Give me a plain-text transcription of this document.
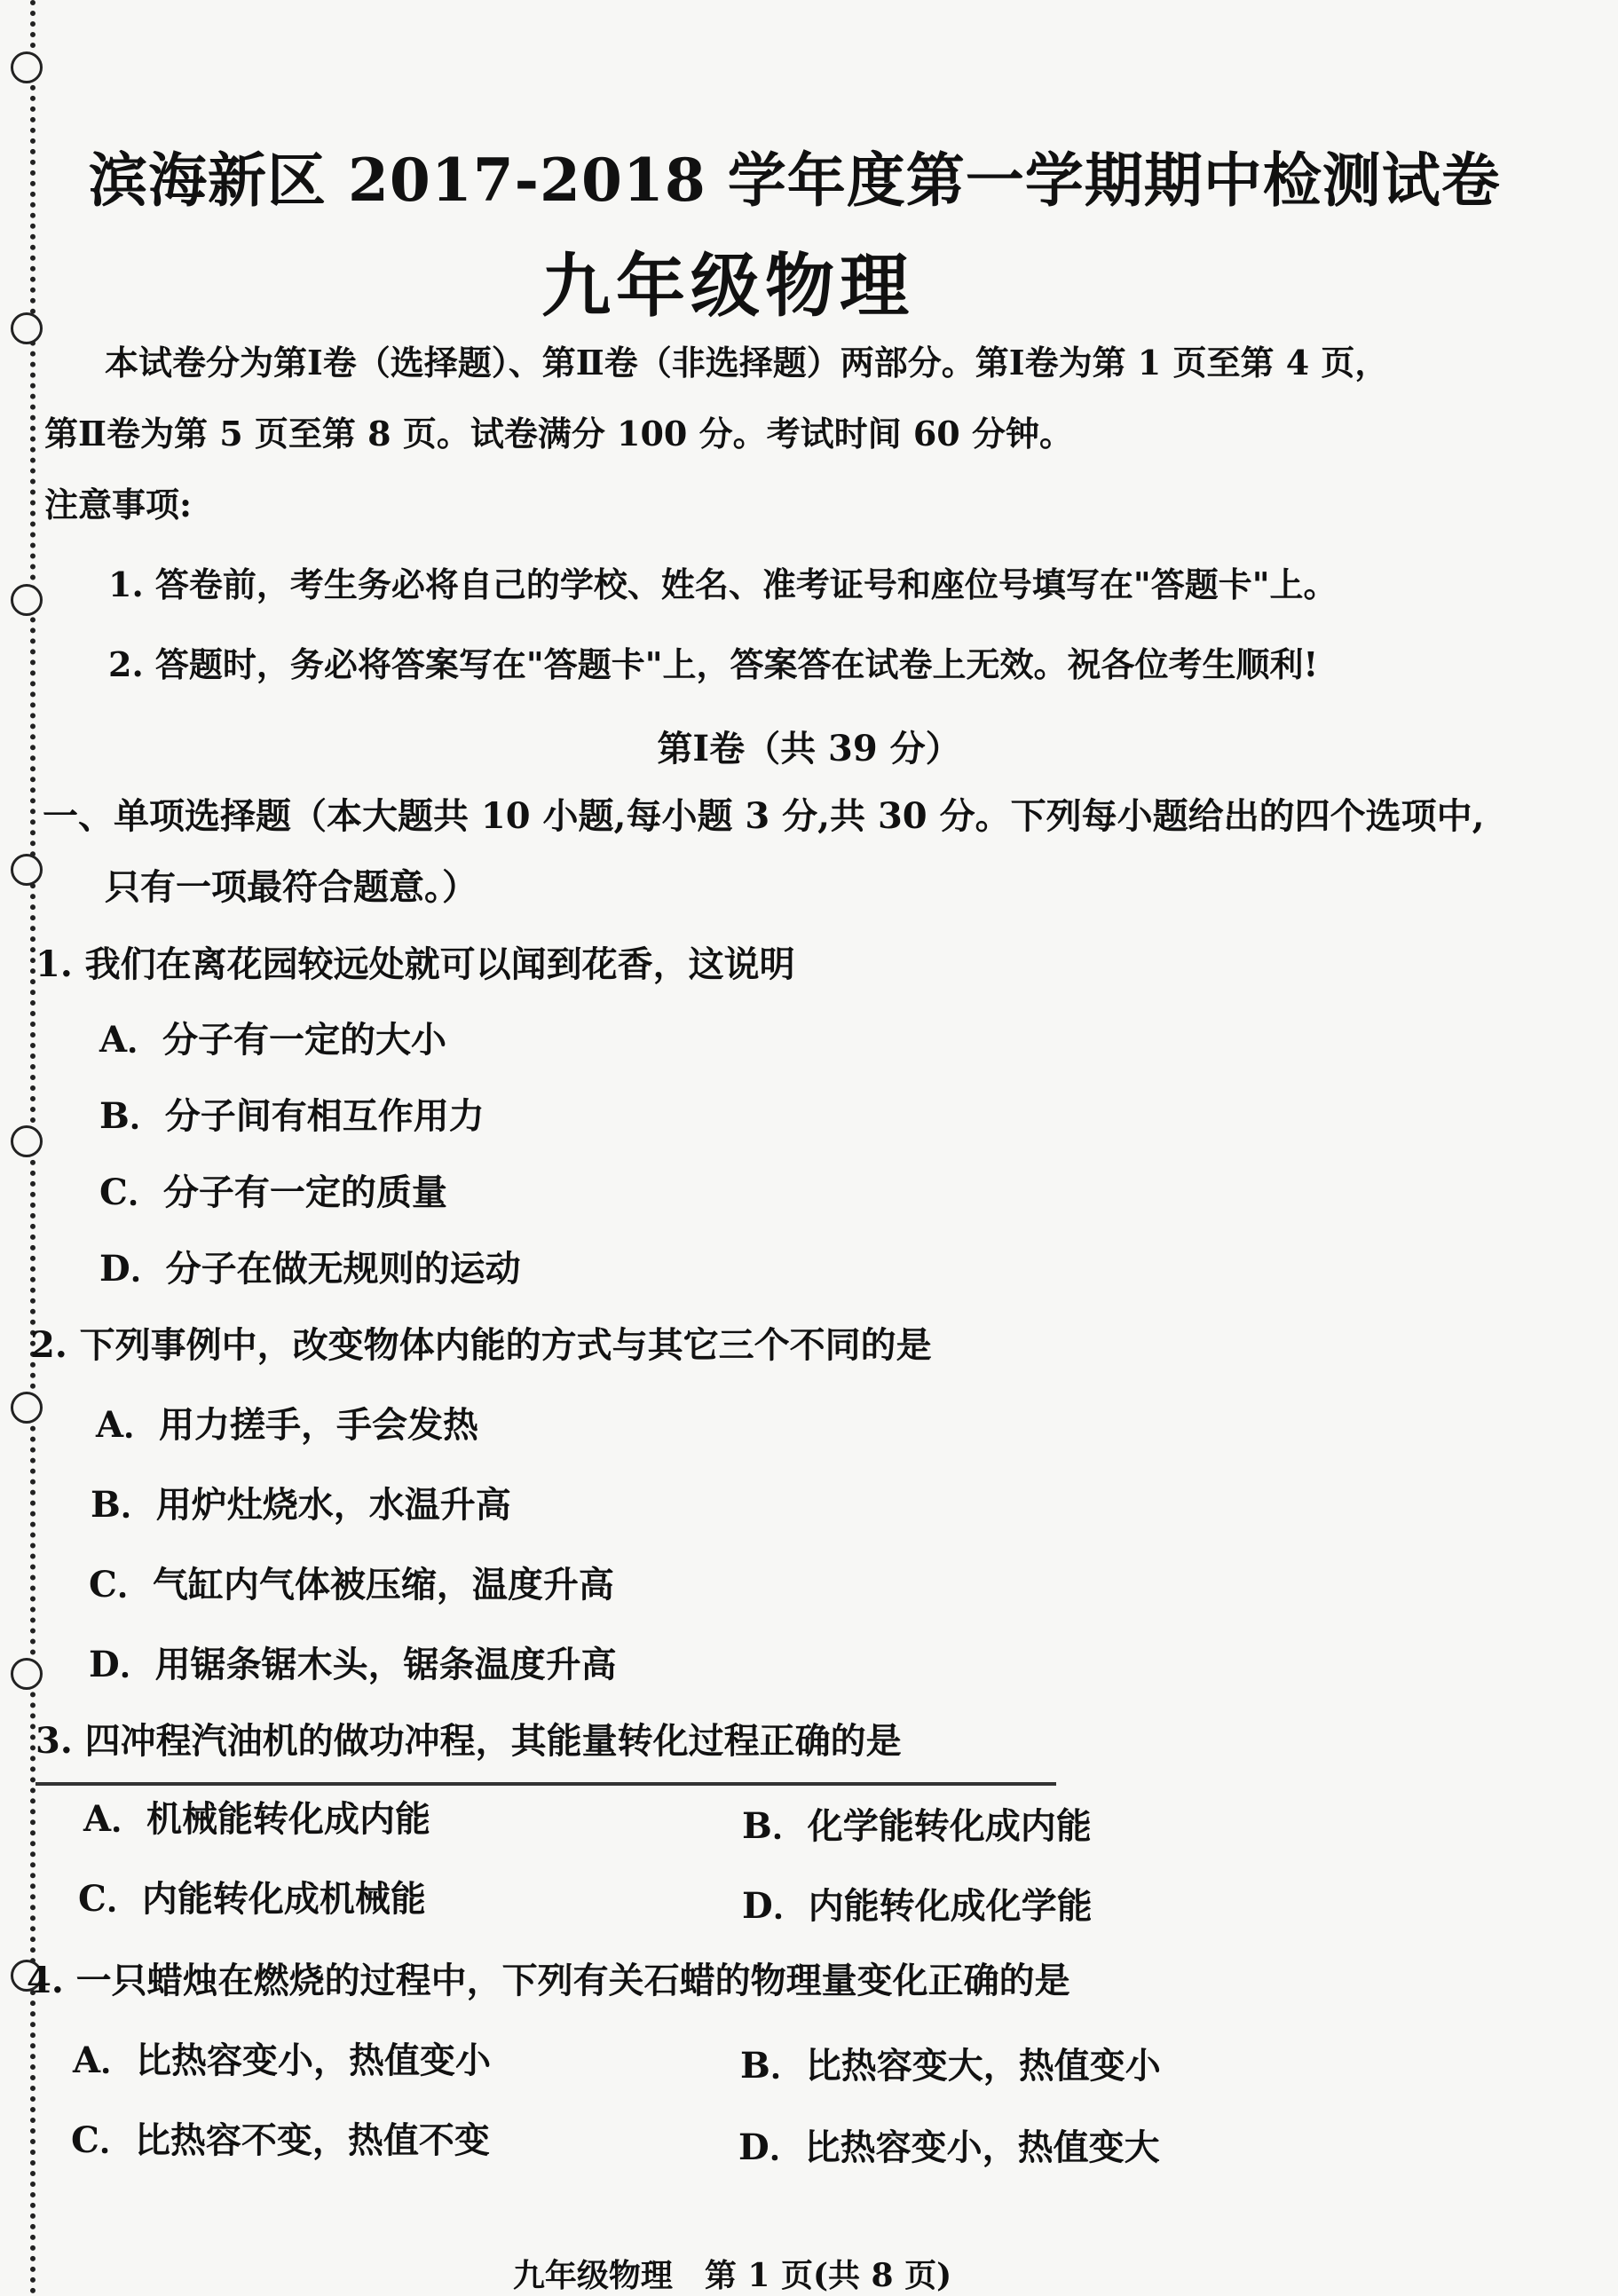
滨海新区 2017-2018 学年度第一学期期中检测试卷
九年级物理
本试卷分为第Ⅰ卷（选择题）、第Ⅱ卷（非选择题）两部分。第Ⅰ卷为第 1 页至第 4 页，
第Ⅱ卷为第 5 页至第 8 页。试卷满分 100 分。考试时间 60 分钟。
注意事项:
1. 答卷前，考生务必将自己的学校、姓名、准考证号和座位号填写在"答题卡"上。
2. 答题时，务必将答案写在"答题卡"上，答案答在试卷上无效。祝各位考生顺利!
第Ⅰ卷（共 39 分）
一、单项选择题（本大题共 10 小题,每小题 3 分,共 30 分。下列每小题给出的四个选项中,
只有一项最符合题意。）
1. 我们在离花园较远处就可以闻到花香，这说明
A．分子有一定的大小
B．分子间有相互作用力
C．分子有一定的质量
D．分子在做无规则的运动
2. 下列事例中，改变物体内能的方式与其它三个不同的是
A．用力搓手，手会发热
B．用炉灶烧水，水温升高
C．气缸内气体被压缩，温度升高
D．用锯条锯木头，锯条温度升高
3. 四冲程汽油机的做功冲程，其能量转化过程正确的是
A．机械能转化成内能	B．化学能转化成内能
C．内能转化成机械能	D．内能转化成化学能
4. 一只蜡烛在燃烧的过程中，下列有关石蜡的物理量变化正确的是
A．比热容变小，热值变小	B．比热容变大，热值变小
C．比热容不变，热值不变	D．比热容变小，热值变大
九年级物理　第 1 页(共 8 页)
